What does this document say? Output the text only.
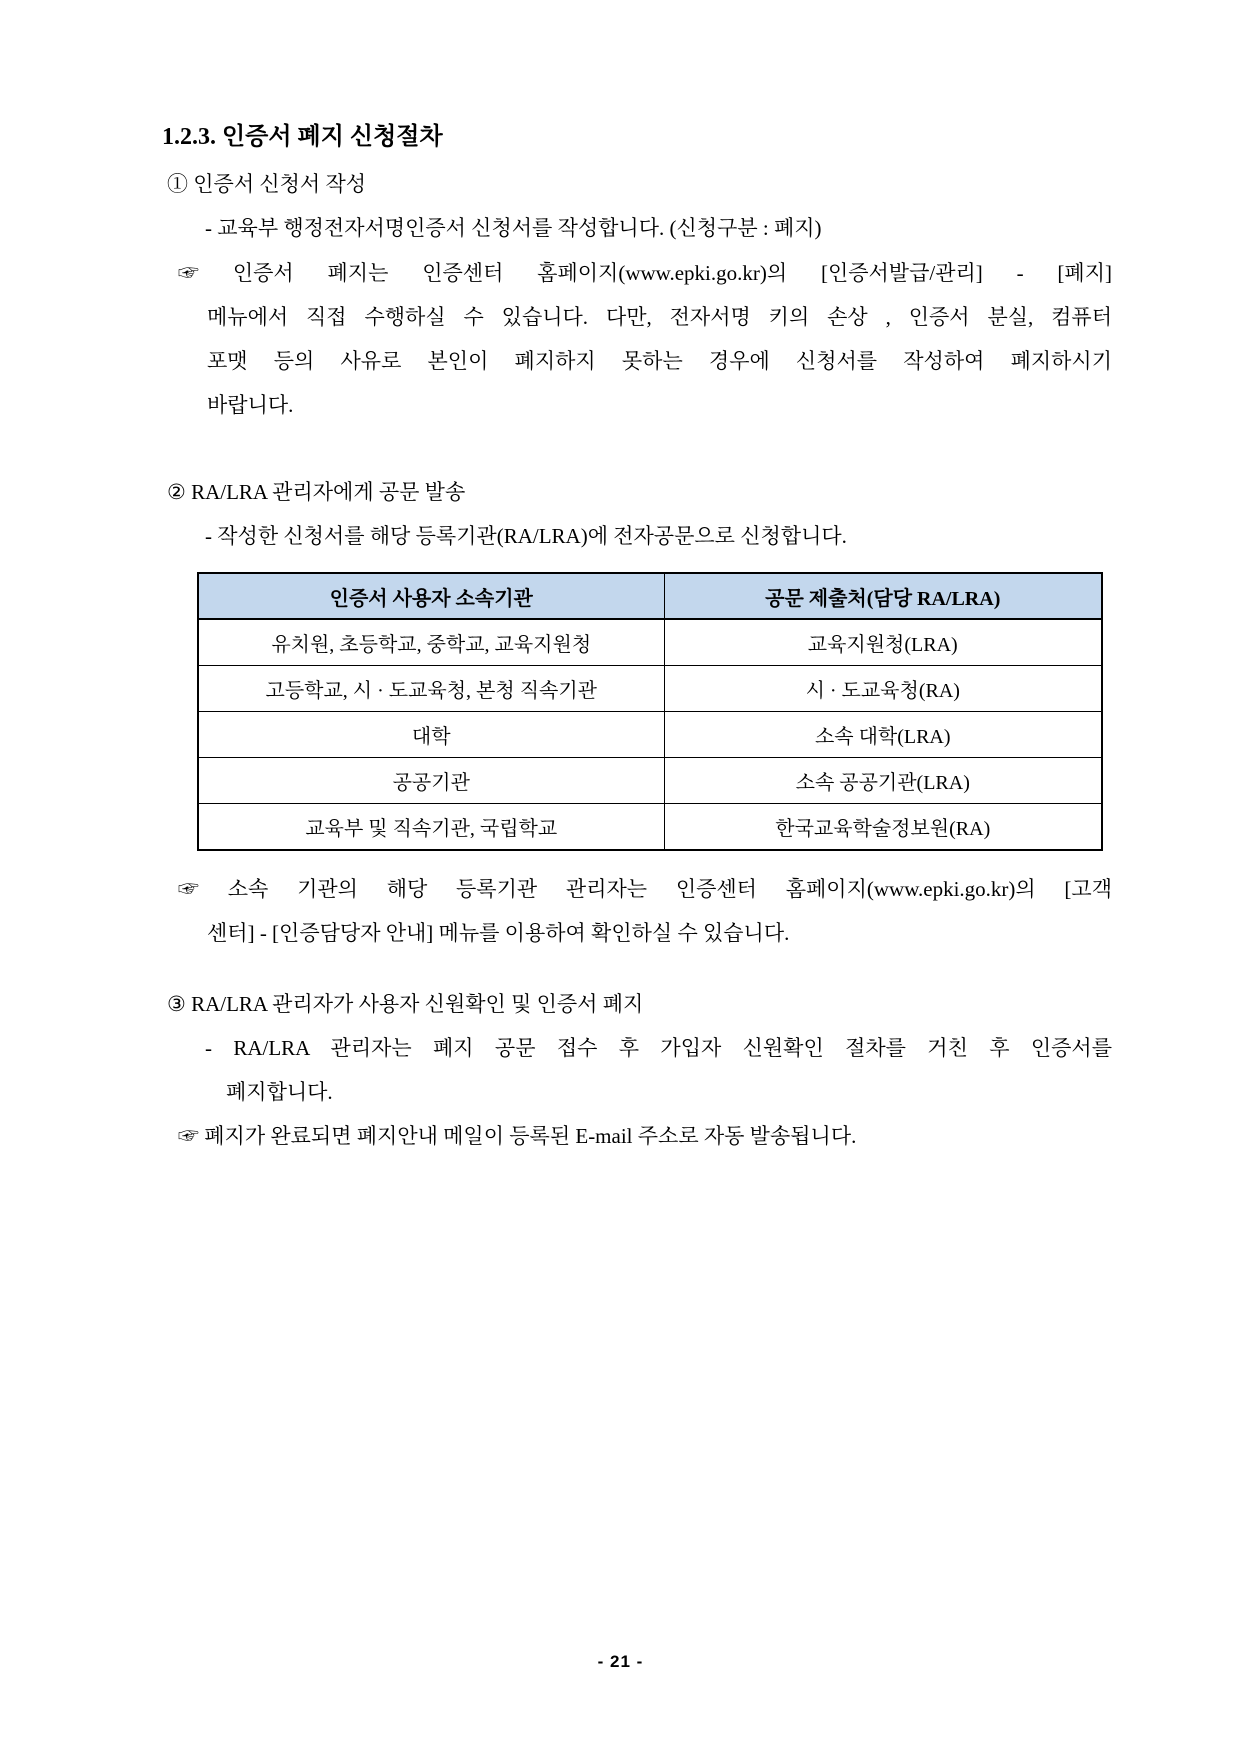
1.2.3. 인증서 폐지 신청절차
① 인증서 신청서 작성
- 교육부 행정전자서명인증서 신청서를 작성합니다. (신청구분 : 폐지)
☞ 인증서 폐지는 인증센터 홈페이지(www.epki.go.kr)의 [인증서발급/관리] - [폐지]
메뉴에서 직접 수행하실 수 있습니다. 다만, 전자서명 키의 손상 , 인증서 분실, 컴퓨터
포맷 등의 사유로 본인이 폐지하지 못하는 경우에 신청서를 작성하여 폐지하시기
바랍니다.
② RA/LRA 관리자에게 공문 발송
- 작성한 신청서를 해당 등록기관(RA/LRA)에 전자공문으로 신청합니다.
인증서 사용자 소속기관	공문 제출처(담당 RA/LRA)
유치원, 초등학교, 중학교, 교육지원청	교육지원청(LRA)
고등학교, 시 · 도교육청, 본청 직속기관	시 · 도교육청(RA)
대학	소속 대학(LRA)
공공기관	소속 공공기관(LRA)
교육부 및 직속기관, 국립학교	한국교육학술정보원(RA)
☞ 소속 기관의 해당 등록기관 관리자는 인증센터 홈페이지(www.epki.go.kr)의 [고객
센터] - [인증담당자 안내] 메뉴를 이용하여 확인하실 수 있습니다.
③ RA/LRA 관리자가 사용자 신원확인 및 인증서 폐지
- RA/LRA 관리자는 폐지 공문 접수 후 가입자 신원확인 절차를 거친 후 인증서를
폐지합니다.
☞ 폐지가 완료되면 폐지안내 메일이 등록된 E-mail 주소로 자동 발송됩니다.
- 21 -
